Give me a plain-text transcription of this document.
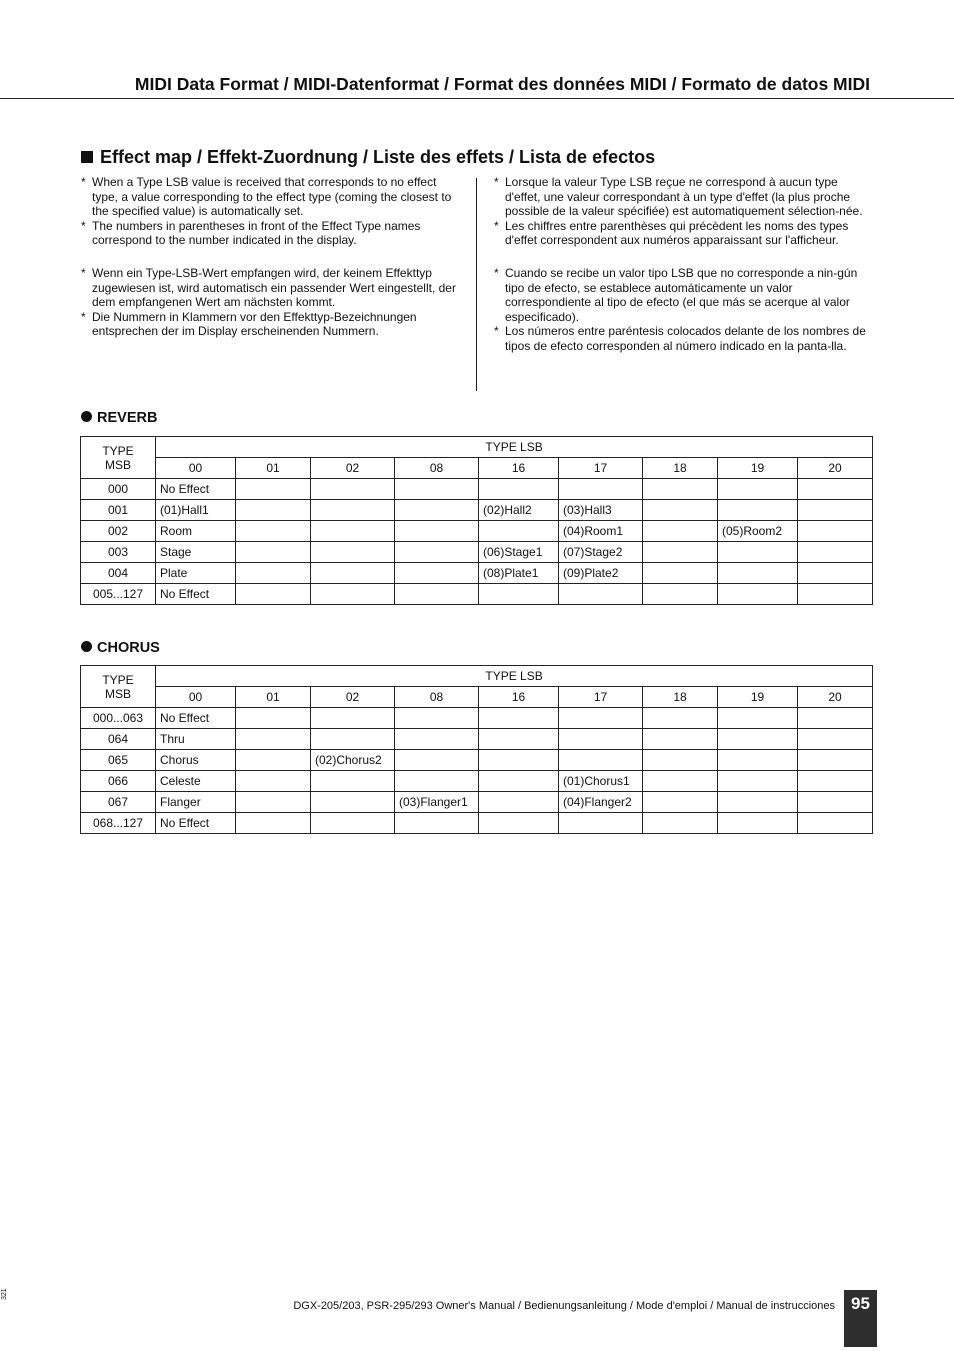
MIDI Data Format / MIDI-Datenformat / Format des données MIDI / Formato de datos MIDI
Effect map / Effekt-Zuordnung / Liste des effets / Lista de efectos

* When a Type LSB value is received that corresponds to no effect type, a value corresponding to the effect type (coming the closest to the specified value) is automatically set.

* The numbers in parentheses in front of the Effect Type names correspond to the number indicated in the display.

* Wenn ein Type-LSB-Wert empfangen wird, der keinem Effekttyp zugewiesen ist, wird automatisch ein passender Wert eingestellt, der dem empfangenen Wert am nächsten kommt.

* Die Nummern in Klammern vor den Effekttyp-Bezeichnungen entsprechen der im Display erscheinenden Nummern.

* Lorsque la valeur Type LSB reçue ne correspond à aucun type d'effet, une valeur correspondant à un type d'effet (la plus proche possible de la valeur spécifiée) est automatiquement sélection-née.

* Les chiffres entre parenthèses qui précèdent les noms des types d'effet correspondent aux numéros apparaissant sur l'afficheur.

* Cuando se recibe un valor tipo LSB que no corresponde a nin-gún tipo de efecto, se establece automáticamente un valor correspondiente al tipo de efecto (el que más se acerque al valor especificado).

* Los números entre paréntesis colocados delante de los nombres de tipos de efecto corresponden al número indicado en la panta-lla.

REVERB
TYPE
MSB	TYPE LSB								
	00	01	02	08	16	17	18	19	20
000	No Effect								
001	(01)Hall1				(02)Hall2	(03)Hall3			
002	Room					(04)Room1		(05)Room2	
003	Stage				(06)Stage1	(07)Stage2			
004	Plate				(08)Plate1	(09)Plate2			
005...127	No Effect								
CHORUS
TYPE
MSB	TYPE LSB								
	00	01	02	08	16	17	18	19	20
000...063	No Effect								
064	Thru								
065	Chorus		(02)Chorus2						
066	Celeste					(01)Chorus1			
067	Flanger			(03)Flanger1		(04)Flanger2			
068...127	No Effect								
321
DGX-205/203, PSR-295/293 Owner's Manual / Bedienungsanleitung / Mode d'emploi / Manual de instrucciones 95
